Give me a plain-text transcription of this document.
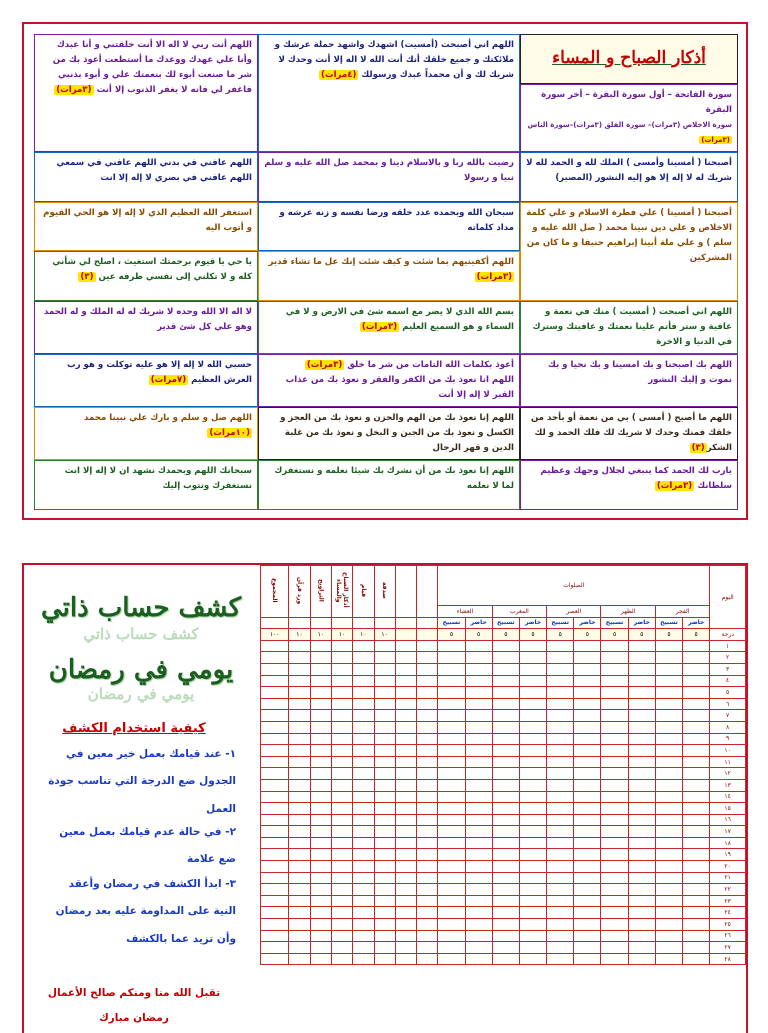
أذكار الصباح و المساء
سورة الفاتحة – أول سورة البقرة – أخر سورة البقرة
سورة الاخلاص (٣مرات)– سورة الفلق (٣مرات)–سورة الناس (٣مرات)
أصبحنا ( أمسينا وأمسى ) الملك لله و الحمد لله لا شريك له لا إله إلا هو إليه النشور (المصير)
أصبحنا ( أمسينا ) علي فطرة الاسلام و علي كلمة الاخلاص و علي دين نبينا محمد ( صل الله عليه و سلم ) و علي ملة أبينا إبراهيم حنيفا و ما كان من المشركين
اللهم اني أصبحت ( أمسيت ) منك في نعمة و عافية و ستر فأتم علينا نعمتك و عافيتك وسترك في الدنيا و الاخرة
اللهم بك اصبحنا و بك امسينا و بك نحيا و بك نموت و إليك النشور
اللهم ما أصبح ( أمسى ) بي من نعمة أو بأحد من خلقك فمنك وحدك لا شريك لك فلك الحمد و لك الشكر(٣)
يارب لك الحمد كما ينبغي لجلال وجهك وعظيم سلطانك (٣مرات)
اللهم اني أصبحت (أمسيت) اشهدك واشهد حملة عرشك و ملائكتك و جميع خلقك أنك أنت الله لا اله إلا أنت وحدك لا شريك لك و أن محمداً عبدك ورسولك (٤مرات)
رضيت بالله ربا و بالاسلام دينا و بمحمد صل الله عليه و سلم نبيا و رسولا
سبحان الله وبحمده عدد خلقه ورضا نفسه و زنه عرشه و مداد كلماته
اللهم أكفينيهم بما شئت و كيف شئت إنك عل ما تشاء قدير (٣مرات)
بسم الله الذي لا يضر مع اسمه شئ في الارض و لا في السماء و هو السميع العليم (٣مرات)
أعوذ بكلمات الله التامات من شر ما خلق (٣مرات)
اللهم انا نعوذ بك من الكفر والفقر و نعوذ بك من عذاب القبر لا إله إلا أنت
اللهم إنا نعوذ بك من الهم والحزن و نعوذ بك من العجز و الكسل و نعوذ بك من الجبن و البخل و نعوذ بك من غلبة الدين و قهر الرجال
اللهم إنا نعوذ بك من أن نشرك بك شيئا نعلمه و نستغفرك لما لا نعلمه
اللهم أنت ربي لا اله الا أنت خلقتني و أنا عبدك وأنا علي عهدك ووعدك ما أستطعت أعوذ بك من شر ما صنعت أبوء لك بنعمتك علي و أبوء بذنبي فاغفر لي فانه لا يغفر الذنوب إلا أنت (٣مرات)
اللهم عافني في بدني اللهم عافني في سمعي اللهم عافني في بصري لا إله إلا انت
استغفر الله العظيم الذي لا إله إلا هو الحي القيوم و أتوب اليه
يا حي يا قيوم برحمتك استغيث ، اصلح لي شأني كله و لا تكلني إلى نفسي طرفه عين (٣)
لا اله الا الله وحده لا شريك له له الملك و له الحمد وهو علي كل شئ قدير
حسبي الله لا إله إلا هو عليه توكلت و هو رب العرش العظيم (٧مرات)
اللهم صل و سلم و بارك علي نبينا محمد
(١٠مرات)
سبحانك اللهم وبحمدك نشهد ان لا إله إلا انت نستغفرك ونتوب إليك
كشف حساب ذاتي
كشف حساب ذاتي
يومي في رمضان
يومي في رمضان
كيفية استخدام الكشف
١- عند قيامك بعمل خير معين في الجدول ضع الدرجة التي تناسب جودة العمل
٢- في حالة عدم قيامك بعمل معين ضع علامة
٣- ابدأ الكشف في رمضان وأعقد النية على المداومة عليه بعد رمضان وأن تزيد عما بالكشف
تقبل الله منا ومنكم صالح الأعمال
رمضان مبارك
المجموع	ورد قرآن	التراويح	أذكار الصباح والمساء	قيام	صدقة			الصلوات										اليوم
								العشاء		المغرب		العصر		الظهر		الفجر		
								تسبيح	حاضر	تسبيح	حاضر	تسبيح	حاضر	تسبيح	حاضر	تسبيح	حاضر	
١٠٠	١٠	١٠	١٠	١٠	١٠			٥	٥	٥	٥	٥	٥	٥	٥	٥	٥	درجة
																		١
																		٢
																		٣
																		٤
																		٥
																		٦
																		٧
																		٨
																		٩
																		١٠
																		١١
																		١٢
																		١٣
																		١٤
																		١٥
																		١٦
																		١٧
																		١٨
																		١٩
																		٢٠
																		٢١
																		٢٢
																		٢٣
																		٢٤
																		٢٥
																		٢٦
																		٢٧
																		٢٨
